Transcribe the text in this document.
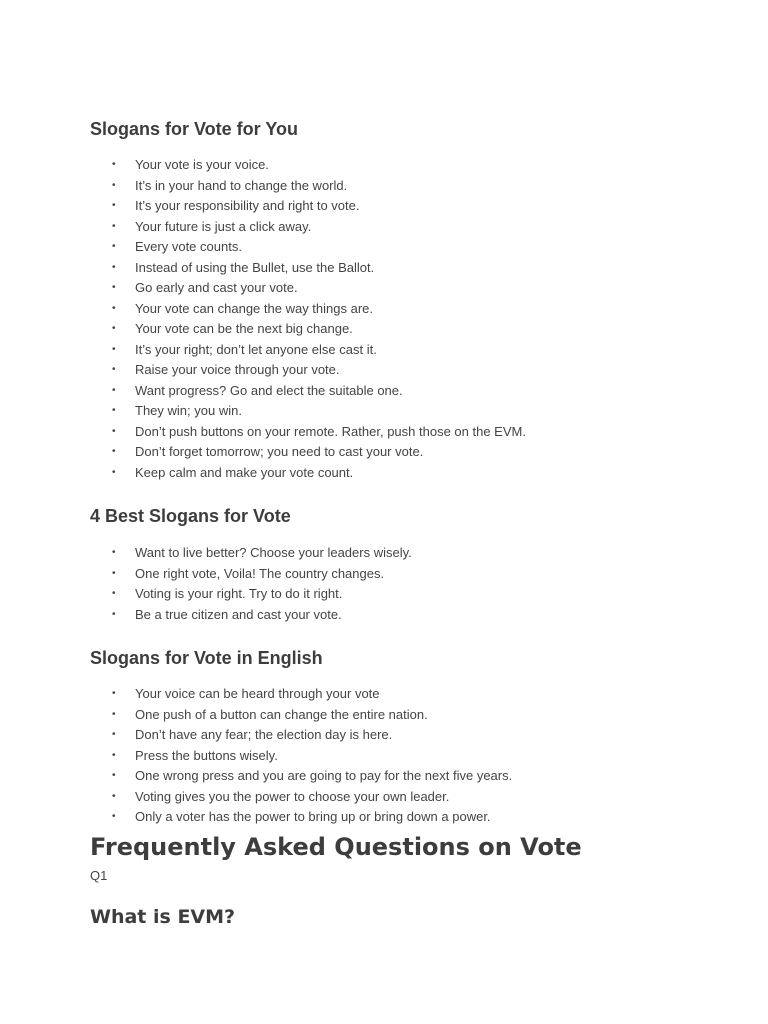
Slogans for Vote for You
• Your vote is your voice.
• It’s in your hand to change the world.
• It’s your responsibility and right to vote.
• Your future is just a click away.
• Every vote counts.
• Instead of using the Bullet, use the Ballot.
• Go early and cast your vote.
• Your vote can change the way things are.
• Your vote can be the next big change.
• It’s your right; don’t let anyone else cast it.
• Raise your voice through your vote.
• Want progress? Go and elect the suitable one.
• They win; you win.
• Don’t push buttons on your remote. Rather, push those on the EVM.
• Don’t forget tomorrow; you need to cast your vote.
• Keep calm and make your vote count.
4 Best Slogans for Vote
• Want to live better? Choose your leaders wisely.
• One right vote, Voila! The country changes.
• Voting is your right. Try to do it right.
• Be a true citizen and cast your vote.
Slogans for Vote in English
• Your voice can be heard through your vote
• One push of a button can change the entire nation.
• Don’t have any fear; the election day is here.
• Press the buttons wisely.
• One wrong press and you are going to pay for the next five years.
• Voting gives you the power to choose your own leader.
• Only a voter has the power to bring up or bring down a power.
Frequently Asked Questions on Vote
Q1
What is EVM?
